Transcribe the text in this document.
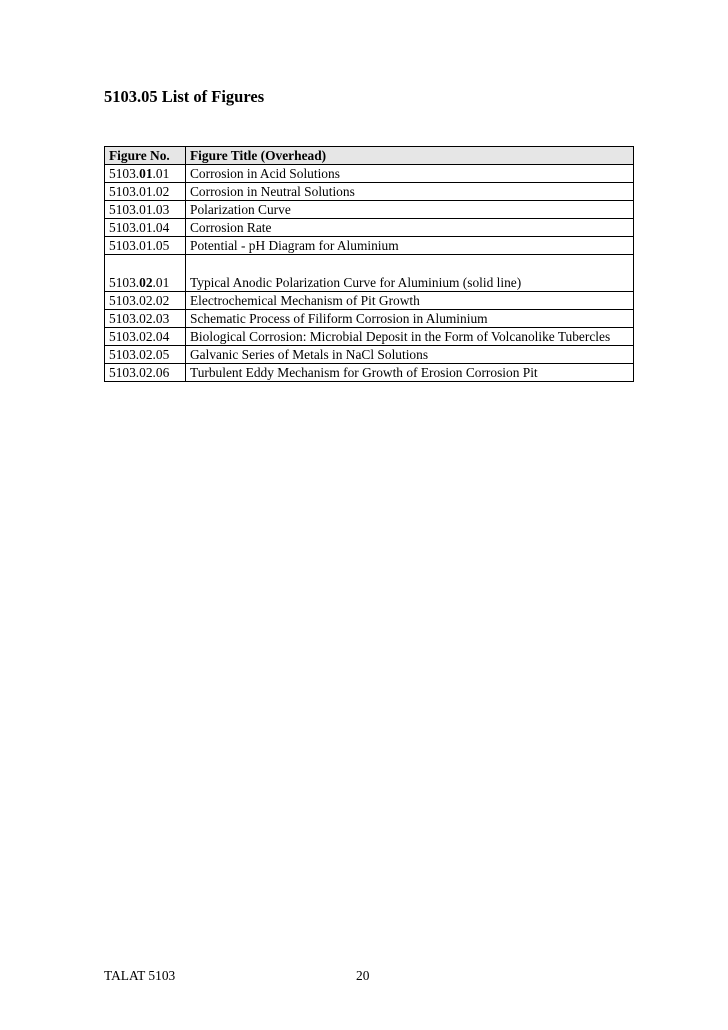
5103.05 List of Figures
Figure No.	Figure Title (Overhead)
5103.01.01	Corrosion in Acid Solutions
5103.01.02	Corrosion in Neutral Solutions
5103.01.03	Polarization Curve
5103.01.04	Corrosion Rate
5103.01.05	Potential - pH Diagram for Aluminium
5103.02.01	Typical Anodic Polarization Curve for Aluminium (solid line)
5103.02.02	Electrochemical Mechanism of Pit Growth
5103.02.03	Schematic Process of Filiform Corrosion in Aluminium
5103.02.04	Biological Corrosion: Microbial Deposit in the Form of Volcanolike Tubercles
5103.02.05	Galvanic Series of Metals in NaCl Solutions
5103.02.06	Turbulent Eddy Mechanism for Growth of Erosion Corrosion Pit
TALAT 5103	20
